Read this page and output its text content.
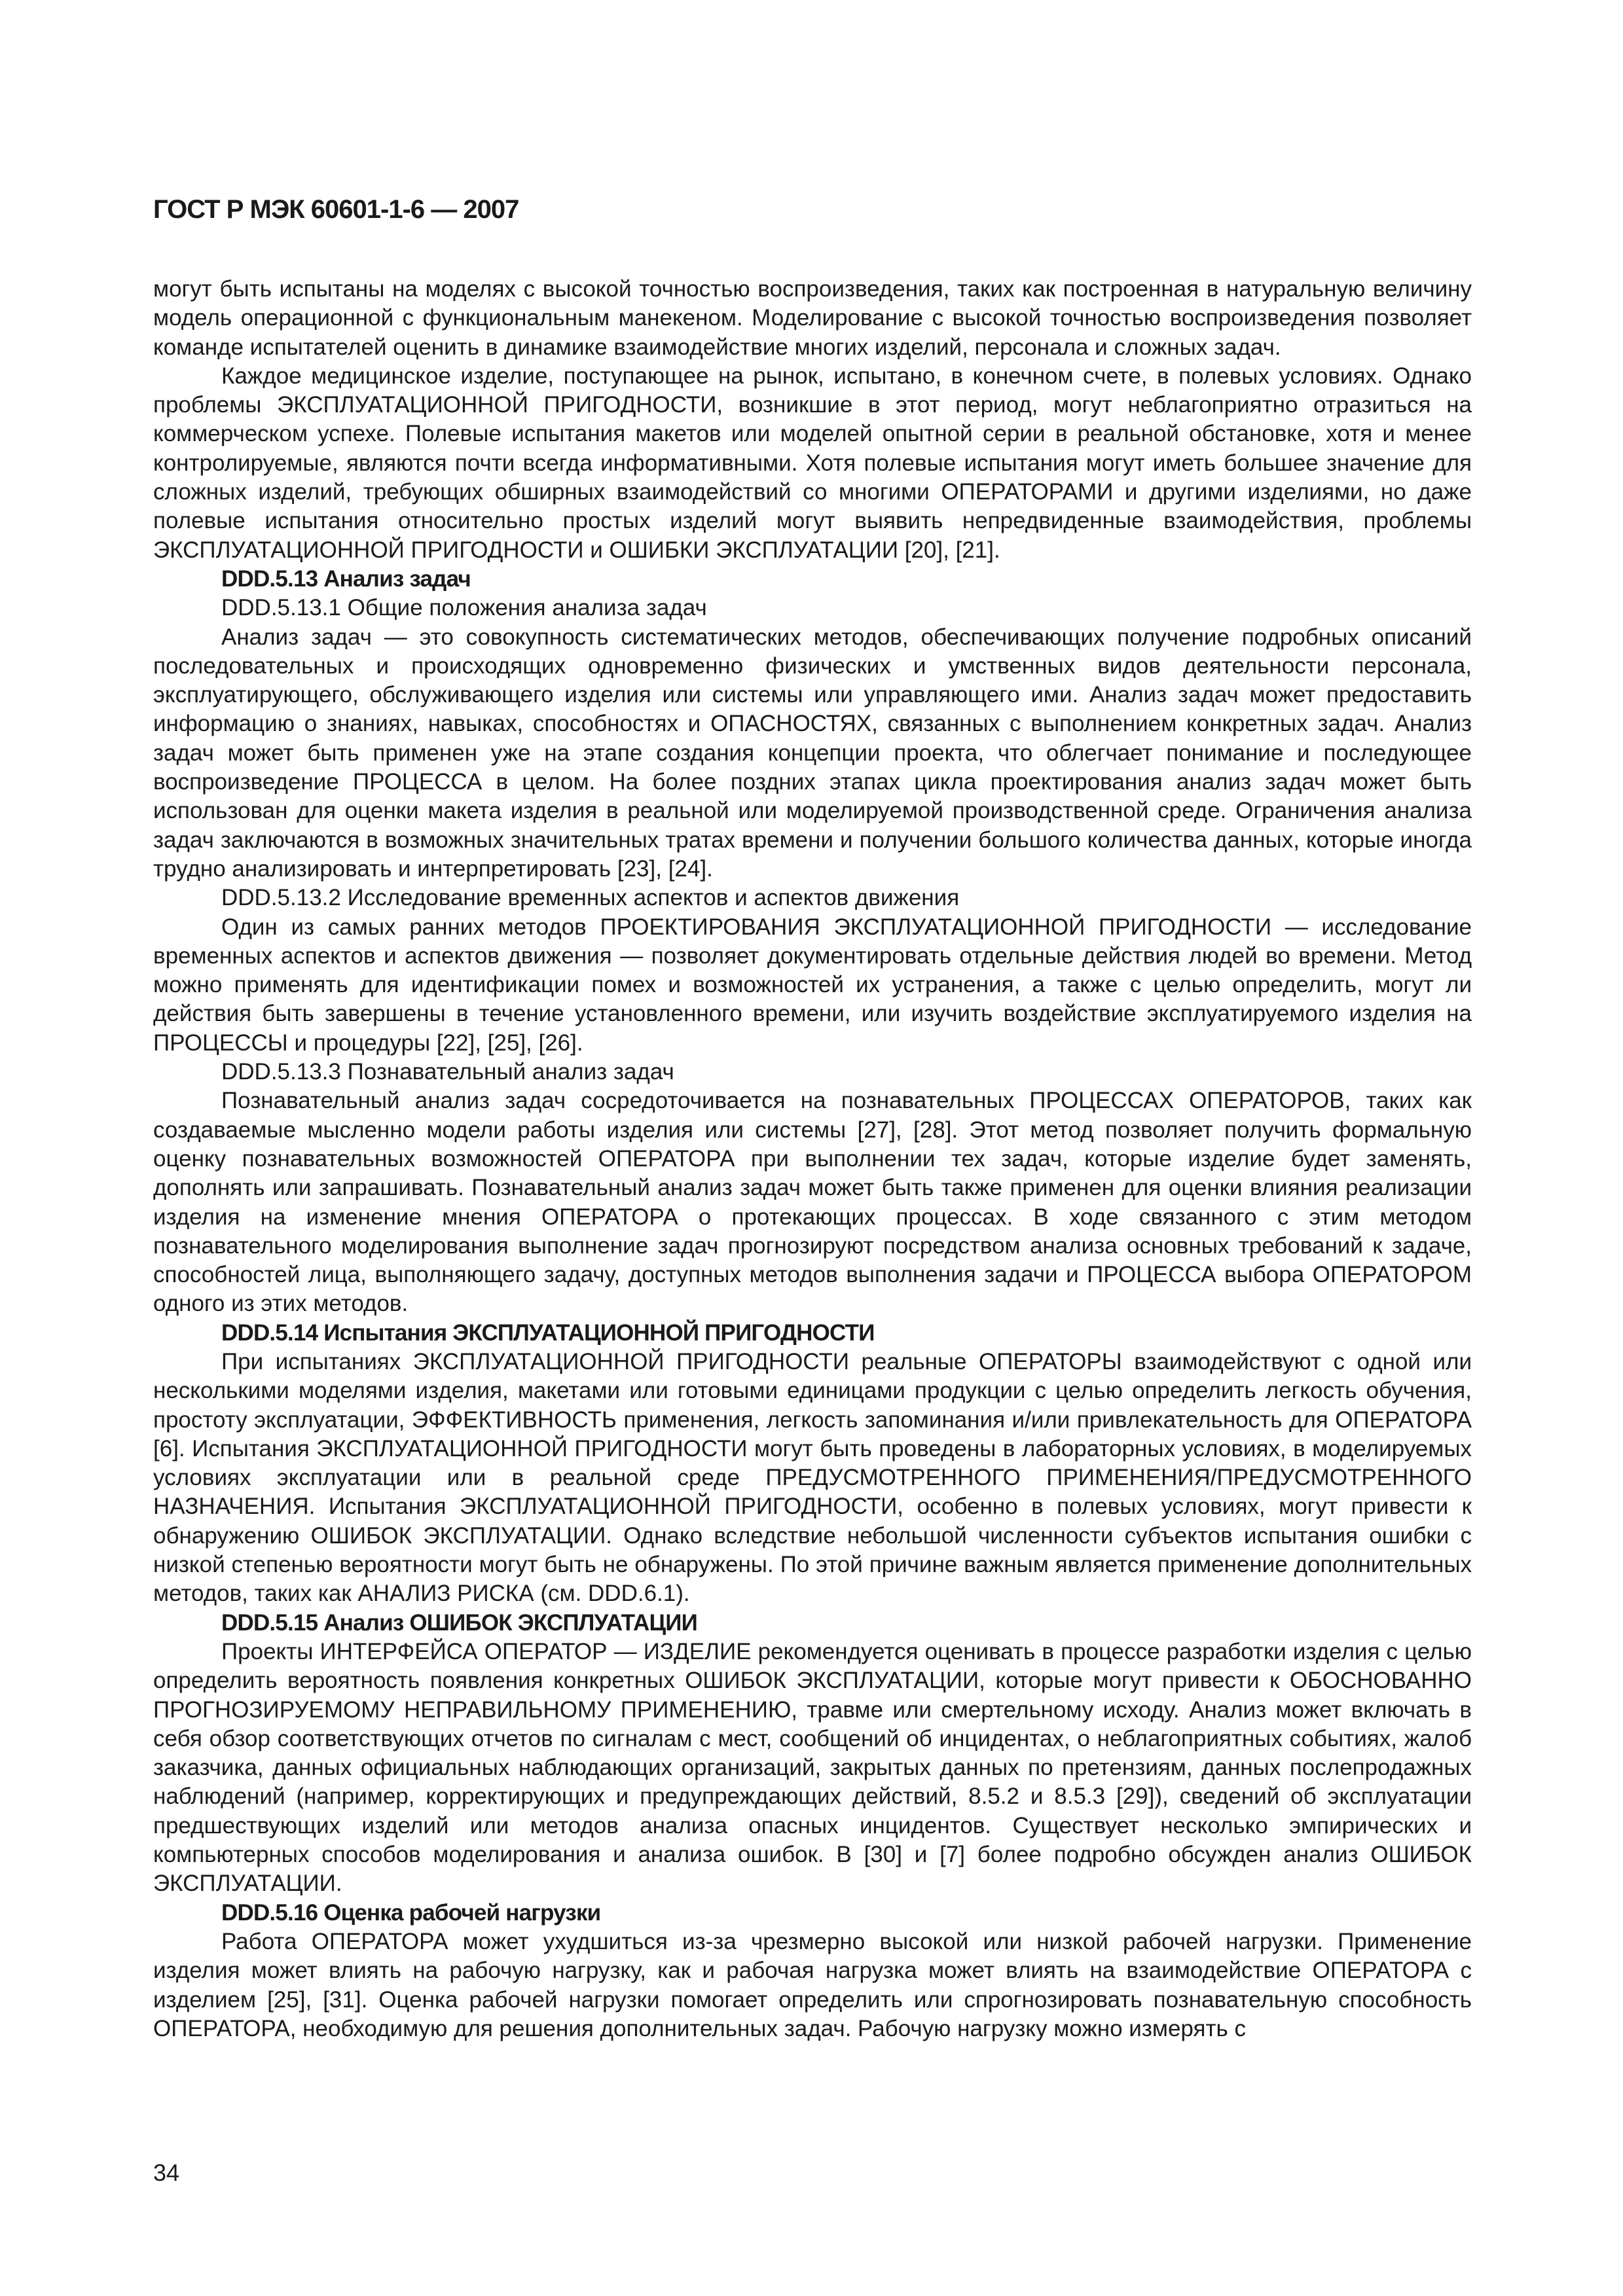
ГОСТ Р МЭК 60601-1-6 — 2007

могут быть испытаны на моделях с высокой точностью воспроизведения, таких как построенная в натуральную величину модель операционной с функциональным манекеном. Моделирование с высокой точностью воспроизведения позволяет команде испытателей оценить в динамике взаимодействие многих изделий, персонала и сложных задач.

Каждое медицинское изделие, поступающее на рынок, испытано, в конечном счете, в полевых условиях. Однако проблемы ЭКСПЛУАТАЦИОННОЙ ПРИГОДНОСТИ, возникшие в этот период, могут неблагоприятно отразиться на коммерческом успехе. Полевые испытания макетов или моделей опытной серии в реальной обстановке, хотя и менее контролируемые, являются почти всегда информативными. Хотя полевые испытания могут иметь большее значение для сложных изделий, требующих обширных взаимодействий со многими ОПЕРАТОРАМИ и другими изделиями, но даже полевые испытания относительно простых изделий могут выявить непредвиденные взаимодействия, проблемы ЭКСПЛУАТАЦИОННОЙ ПРИГОДНОСТИ и ОШИБКИ ЭКСПЛУАТАЦИИ [20], [21].

DDD.5.13 Анализ задач
DDD.5.13.1 Общие положения анализа задач

Анализ задач — это совокупность систематических методов, обеспечивающих получение подробных описаний последовательных и происходящих одновременно физических и умственных видов деятельности персонала, эксплуатирующего, обслуживающего изделия или системы или управляющего ими. Анализ задач может предоставить информацию о знаниях, навыках, способностях и ОПАСНОСТЯХ, связанных с выполнением конкретных задач. Анализ задач может быть применен уже на этапе создания концепции проекта, что облегчает понимание и последующее воспроизведение ПРОЦЕССА в целом. На более поздних этапах цикла проектирования анализ задач может быть использован для оценки макета изделия в реальной или моделируемой производственной среде. Ограничения анализа задач заключаются в возможных значительных тратах времени и получении большого количества данных, которые иногда трудно анализировать и интерпретировать [23], [24].

DDD.5.13.2 Исследование временных аспектов и аспектов движения

Один из самых ранних методов ПРОЕКТИРОВАНИЯ ЭКСПЛУАТАЦИОННОЙ ПРИГОДНОСТИ — исследование временных аспектов и аспектов движения — позволяет документировать отдельные действия людей во времени. Метод можно применять для идентификации помех и возможностей их устранения, а также с целью определить, могут ли действия быть завершены в течение установленного времени, или изучить воздействие эксплуатируемого изделия на ПРОЦЕССЫ и процедуры [22], [25], [26].

DDD.5.13.3 Познавательный анализ задач

Познавательный анализ задач сосредоточивается на познавательных ПРОЦЕССАХ ОПЕРАТОРОВ, таких как создаваемые мысленно модели работы изделия или системы [27], [28]. Этот метод позволяет получить формальную оценку познавательных возможностей ОПЕРАТОРА при выполнении тех задач, которые изделие будет заменять, дополнять или запрашивать. Познавательный анализ задач может быть также применен для оценки влияния реализации изделия на изменение мнения ОПЕРАТОРА о протекающих процессах. В ходе связанного с этим методом познавательного моделирования выполнение задач прогнозируют посредством анализа основных требований к задаче, способностей лица, выполняющего задачу, доступных методов выполнения задачи и ПРОЦЕССА выбора ОПЕРАТОРОМ одного из этих методов.

DDD.5.14 Испытания ЭКСПЛУАТАЦИОННОЙ ПРИГОДНОСТИ

При испытаниях ЭКСПЛУАТАЦИОННОЙ ПРИГОДНОСТИ реальные ОПЕРАТОРЫ взаимодействуют с одной или несколькими моделями изделия, макетами или готовыми единицами продукции с целью определить легкость обучения, простоту эксплуатации, ЭФФЕКТИВНОСТЬ применения, легкость запоминания и/или привлекательность для ОПЕРАТОРА [6]. Испытания ЭКСПЛУАТАЦИОННОЙ ПРИГОДНОСТИ могут быть проведены в лабораторных условиях, в моделируемых условиях эксплуатации или в реальной среде ПРЕДУСМОТРЕННОГО ПРИМЕНЕНИЯ/ПРЕДУСМОТРЕННОГО НАЗНАЧЕНИЯ. Испытания ЭКСПЛУАТАЦИОННОЙ ПРИГОДНОСТИ, особенно в полевых условиях, могут привести к обнаружению ОШИБОК ЭКСПЛУАТАЦИИ. Однако вследствие небольшой численности субъектов испытания ошибки с низкой степенью вероятности могут быть не обнаружены. По этой причине важным является применение дополнительных методов, таких как АНАЛИЗ РИСКА (см. DDD.6.1).

DDD.5.15 Анализ ОШИБОК ЭКСПЛУАТАЦИИ

Проекты ИНТЕРФЕЙСА ОПЕРАТОР — ИЗДЕЛИЕ рекомендуется оценивать в процессе разработки изделия с целью определить вероятность появления конкретных ОШИБОК ЭКСПЛУАТАЦИИ, которые могут привести к ОБОСНОВАННО ПРОГНОЗИРУЕМОМУ НЕПРАВИЛЬНОМУ ПРИМЕНЕНИЮ, травме или смертельному исходу. Анализ может включать в себя обзор соответствующих отчетов по сигналам с мест, сообщений об инцидентах, о неблагоприятных событиях, жалоб заказчика, данных официальных наблюдающих организаций, закрытых данных по претензиям, данных послепродажных наблюдений (например, корректирующих и предупреждающих действий, 8.5.2 и 8.5.3 [29]), сведений об эксплуатации предшествующих изделий или методов анализа опасных инцидентов. Существует несколько эмпирических и компьютерных способов моделирования и анализа ошибок. В [30] и [7] более подробно обсужден анализ ОШИБОК ЭКСПЛУАТАЦИИ.

DDD.5.16 Оценка рабочей нагрузки

Работа ОПЕРАТОРА может ухудшиться из-за чрезмерно высокой или низкой рабочей нагрузки. Применение изделия может влиять на рабочую нагрузку, как и рабочая нагрузка может влиять на взаимодействие ОПЕРАТОРА с изделием [25], [31]. Оценка рабочей нагрузки помогает определить или спрогнозировать познавательную способность ОПЕРАТОРА, необходимую для решения дополнительных задач. Рабочую нагрузку можно измерять с

34
